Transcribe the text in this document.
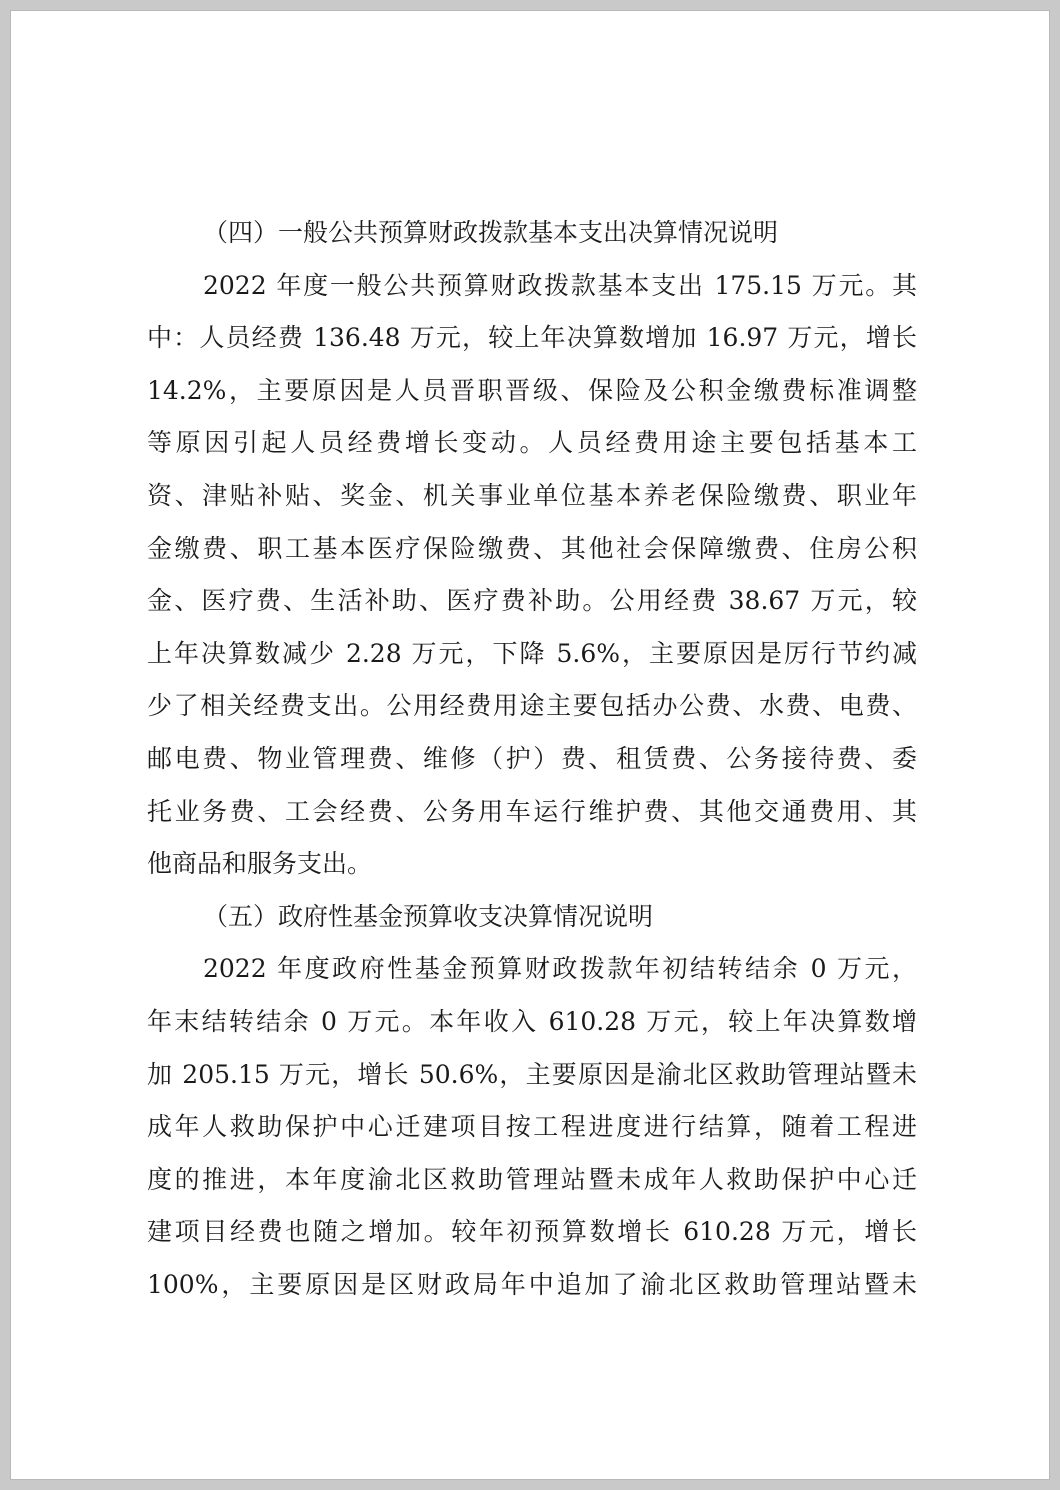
（四）一般公共预算财政拨款基本支出决算情况说明
2022 年度一般公共预算财政拨款基本支出 175.15 万元。其
中：人员经费 136.48 万元，较上年决算数增加 16.97 万元，增长
14.2%，主要原因是人员晋职晋级、保险及公积金缴费标准调整
等原因引起人员经费增长变动。人员经费用途主要包括基本工
资、津贴补贴、奖金、机关事业单位基本养老保险缴费、职业年
金缴费、职工基本医疗保险缴费、其他社会保障缴费、住房公积
金、医疗费、生活补助、医疗费补助。公用经费 38.67 万元，较
上年决算数减少 2.28 万元，下降 5.6%，主要原因是厉行节约减
少了相关经费支出。公用经费用途主要包括办公费、水费、电费、
邮电费、物业管理费、维修（护）费、租赁费、公务接待费、委
托业务费、工会经费、公务用车运行维护费、其他交通费用、其
他商品和服务支出。
（五）政府性基金预算收支决算情况说明
2022 年度政府性基金预算财政拨款年初结转结余 0 万元，
年末结转结余 0 万元。本年收入 610.28 万元，较上年决算数增
加 205.15 万元，增长 50.6%，主要原因是渝北区救助管理站暨未
成年人救助保护中心迁建项目按工程进度进行结算，随着工程进
度的推进，本年度渝北区救助管理站暨未成年人救助保护中心迁
建项目经费也随之增加。较年初预算数增长 610.28 万元，增长
100%，主要原因是区财政局年中追加了渝北区救助管理站暨未
